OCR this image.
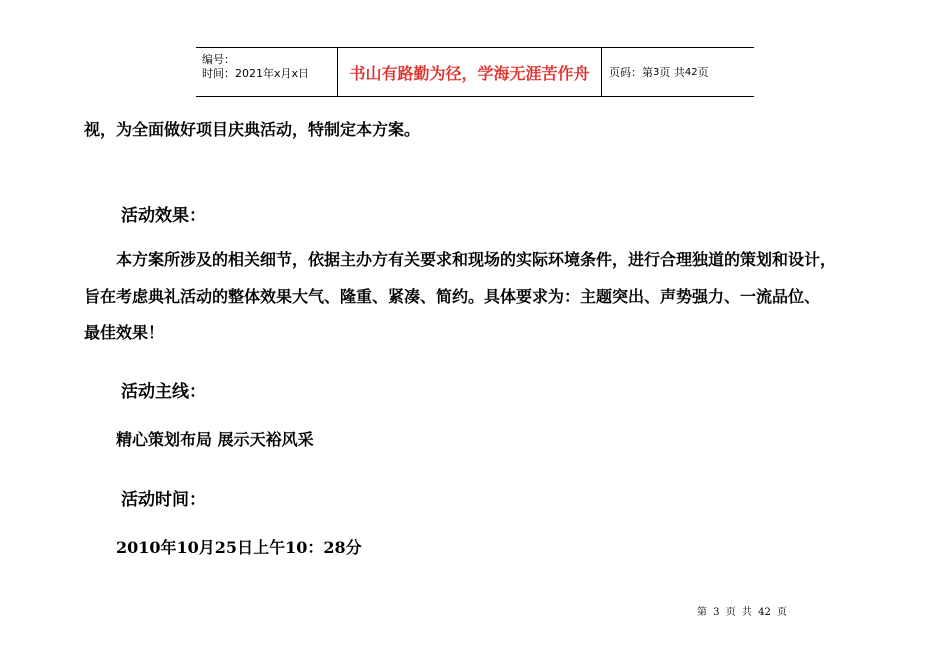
编号：
时间：2021年x月x日	书山有路勤为径，学海无涯苦作舟	页码：第 3 页 共 42 页
视，为全面做好项目庆典活动，特制定本方案。
活动效果：
本方案所涉及的相关细节，依据主办方有关要求和现场的实际环境条件，进行合理独道的策划和设计，
旨在考虑典礼活动的整体效果大气、隆重、紧凑、简约。具体要求为：主题突出、声势强力、一流品位、
最佳效果！
活动主线：
精心策划布局 展示天裕风采
活动时间：
2010年10月25日上午10：28分
第 3 页 共 42 页
